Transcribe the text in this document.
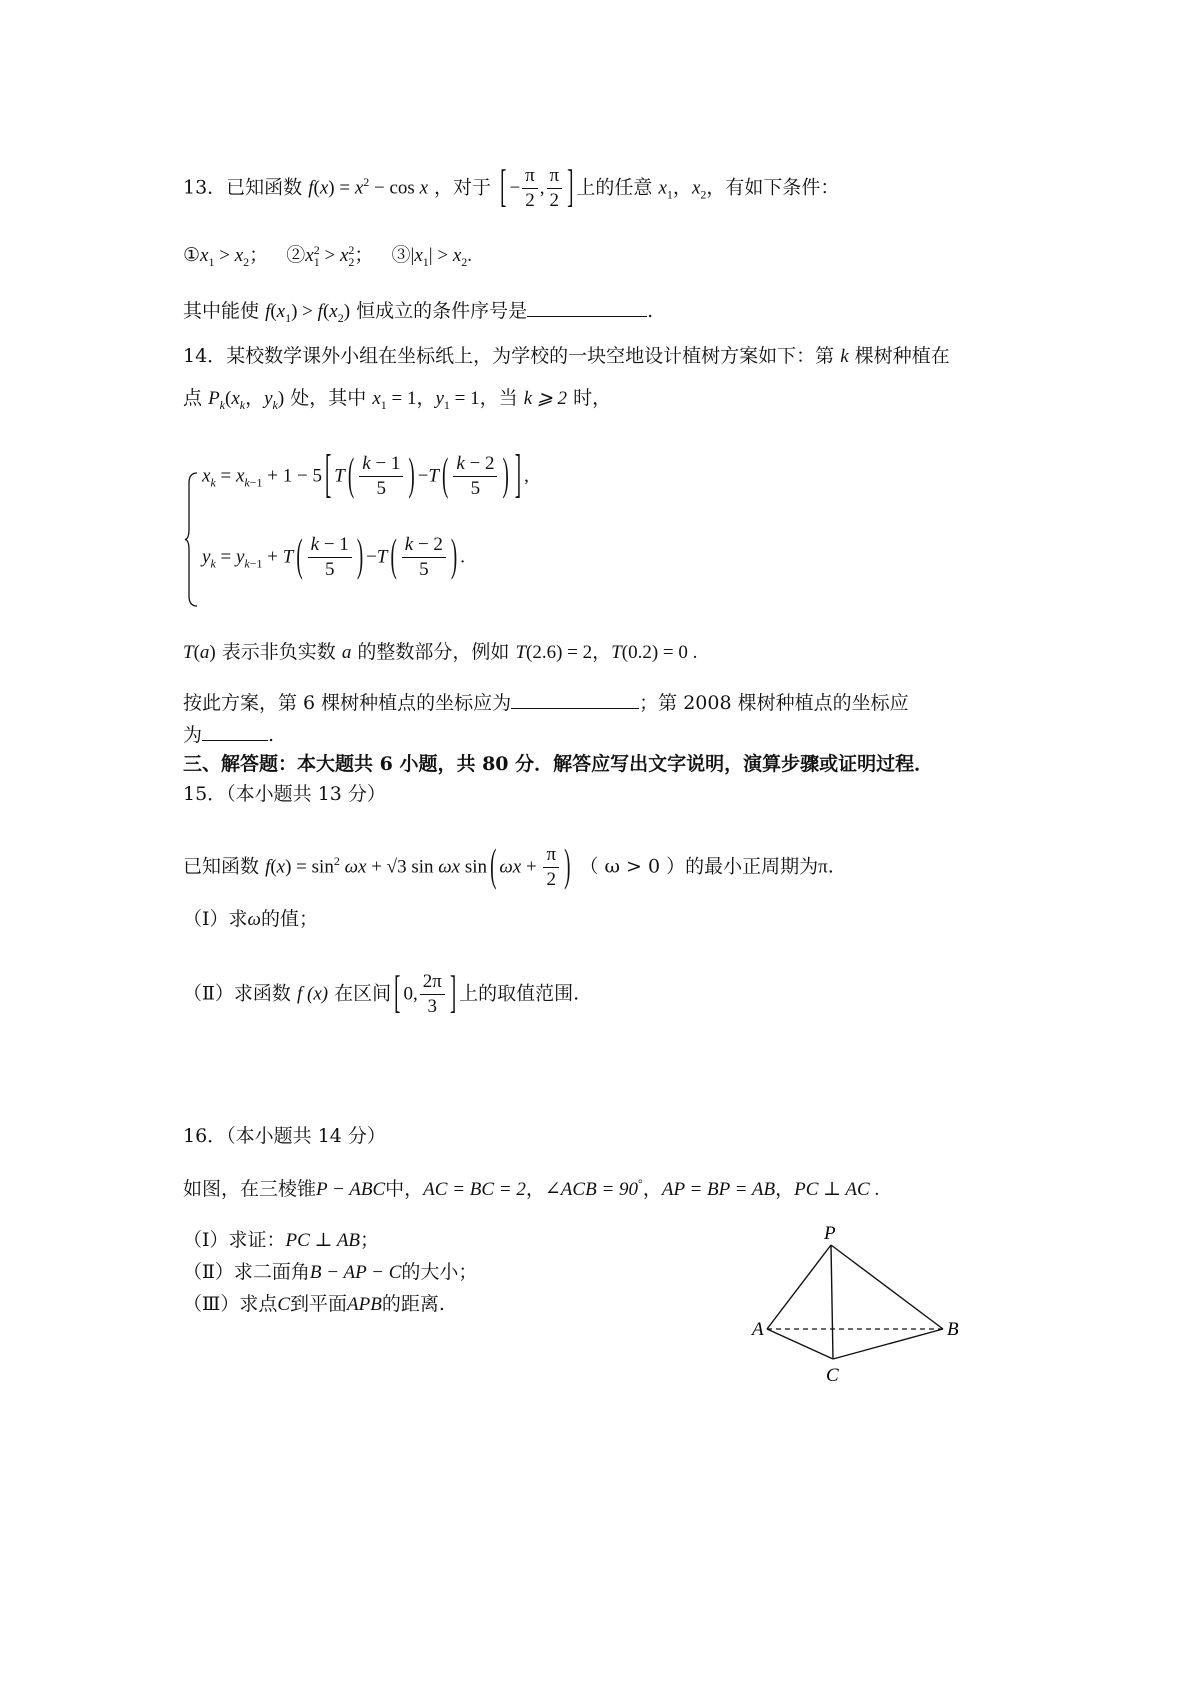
13．已知函数 $f(x) = x^2 - \cos x$ ，对于 [ − $\frac{\pi}{2}$ , $\frac{\pi}{2}$ ] 上的任意 $x_1$，$x_2$，有如下条件：
$①x_1 > x_2$；   $②x_1^2 > x_2^2$；   $③|x_1| > x_2$.
其中能使 $f(x_1) > f(x_2)$ 恒成立的条件序号是	.
14．某校数学课外小组在坐标纸上，为学校的一块空地设计植树方案如下：第 k 棵树种植在
点 $P_k(x_k$，$y_k$) 处，其中 $x_1 = 1$，$y_1 = 1$，当 k ⩾ 2 时，
$x_k = x_{k-1} + 1 - 5$ [ T ( $\frac{k - 1}{5}$ ) −T ( $\frac{k - 2}{5}$ ) ] ,
$y_k = y_{k-1} + T$ ( $\frac{k - 1}{5}$ ) −T ( $\frac{k - 2}{5}$ ) .
T(a) 表示非负实数 a 的整数部分，例如 T(2.6) = 2，T(0.2) = 0 .
按此方案，第 6 棵树种植点的坐标应为	；第 2008 棵树种植点的坐标应
为	.
三、解答题：本大题共 6 小题，共 80 分．解答应写出文字说明，演算步骤或证明过程．
15．（本小题共 13 分）
已知函数 $f(x) = \sin^2 \omega x + √3$ sin ωx sin ( $\omega x + \frac{\pi}{2}$ ) （ ω > 0 ）的最小正周期为π.
（Ⅰ）求ω的值；
（Ⅱ）求函数 f (x) 在区间 [ 0, $\frac{2\pi}{3}$ ] 上的取值范围.
16．（本小题共 14 分）
如图，在三棱锥P − ABC中，AC = BC = 2，∠ACB = 90°，AP = BP = AB，PC ⊥ AC .
（Ⅰ）求证：PC ⊥ AB；
（Ⅱ）求二面角B − AP − C的大小；
（Ⅲ）求点C到平面APB的距离.
P
A	B
C
